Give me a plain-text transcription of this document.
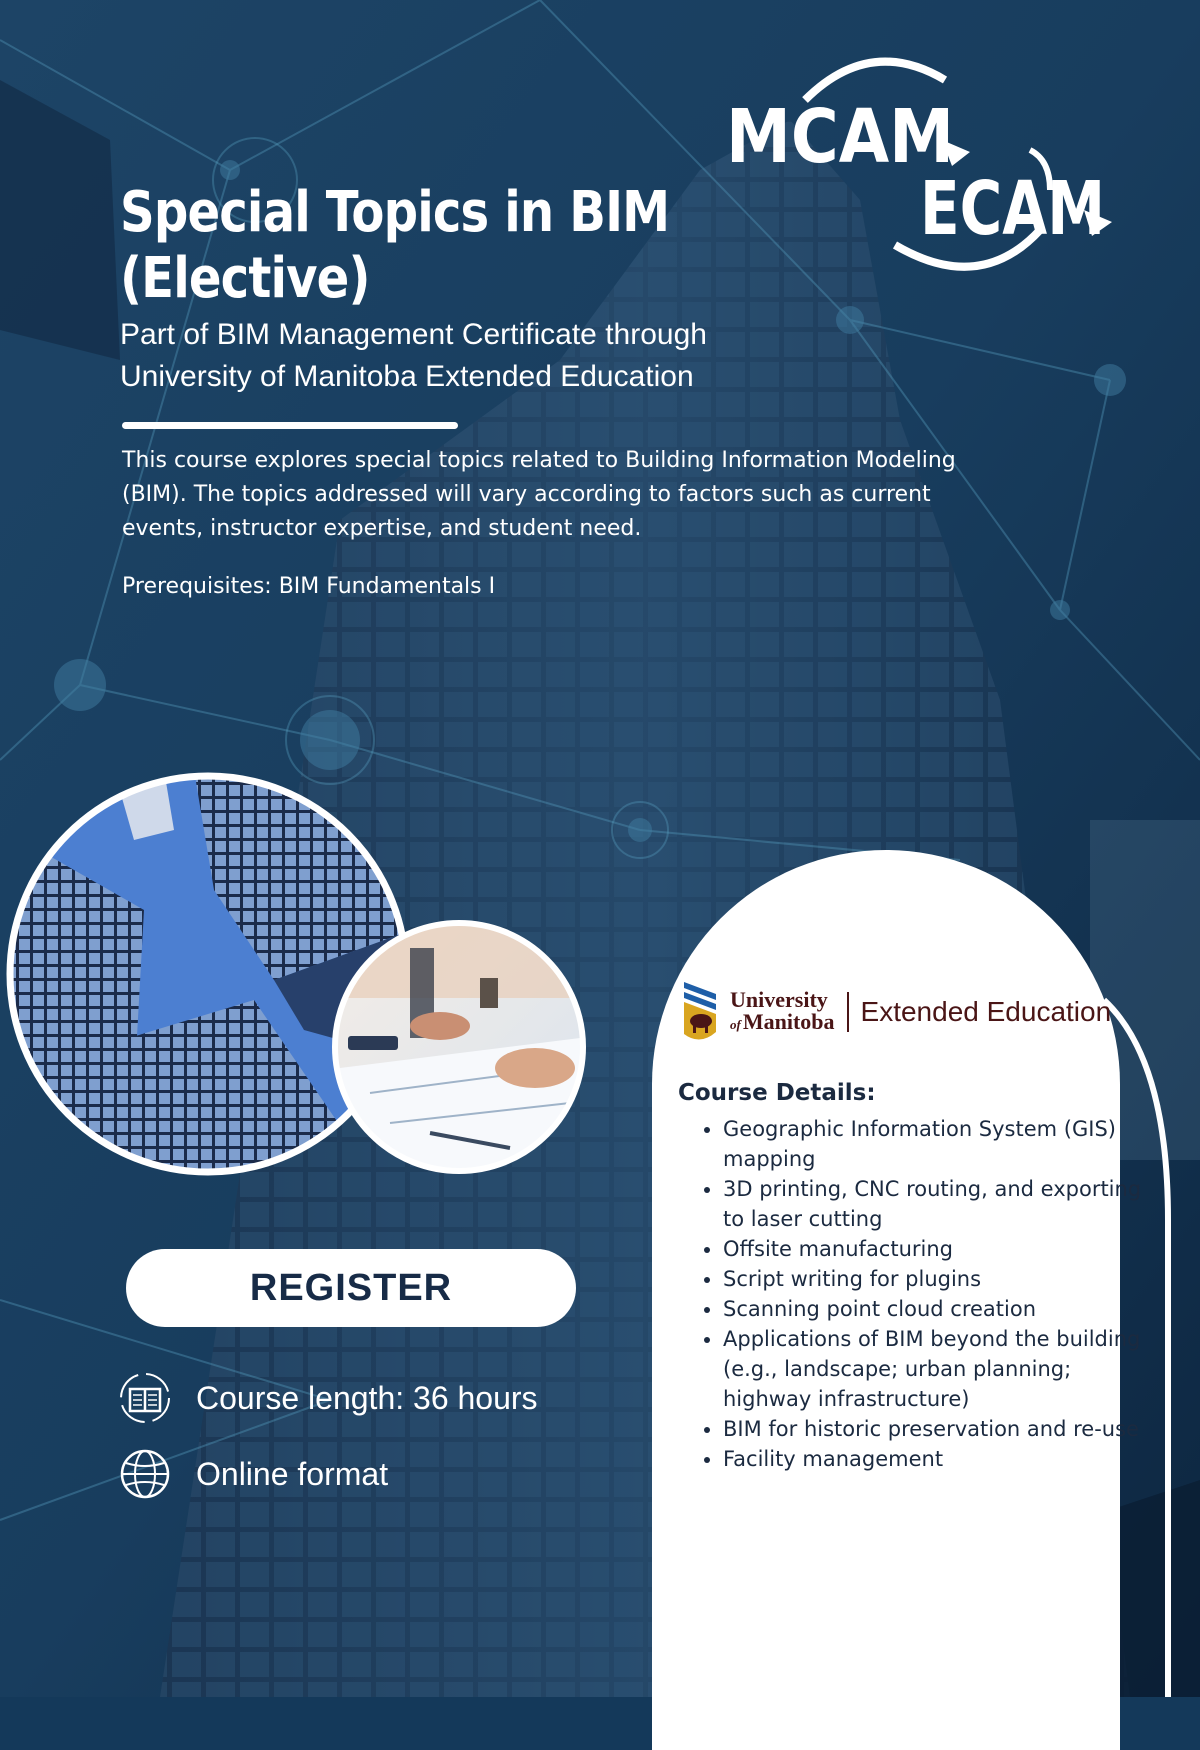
MCAM
ECAM
Special Topics in BIM
(Elective)
Part of BIM Management Certificate through
University of Manitoba Extended Education
This course explores special topics related to Building Information Modeling (BIM). The topics addressed will vary according to factors such as current events, instructor expertise, and student need.
Prerequisites: BIM Fundamentals I
REGISTER
Course length: 36 hours
Online format
University
ofManitoba Extended Education
Course Details:
• Geographic Information System (GIS) mapping
• 3D printing, CNC routing, and exporting to laser cutting
• Offsite manufacturing
• Script writing for plugins
• Scanning point cloud creation
• Applications of BIM beyond the building (e.g., landscape; urban planning; highway infrastructure)
• BIM for historic preservation and re-use
• Facility management
